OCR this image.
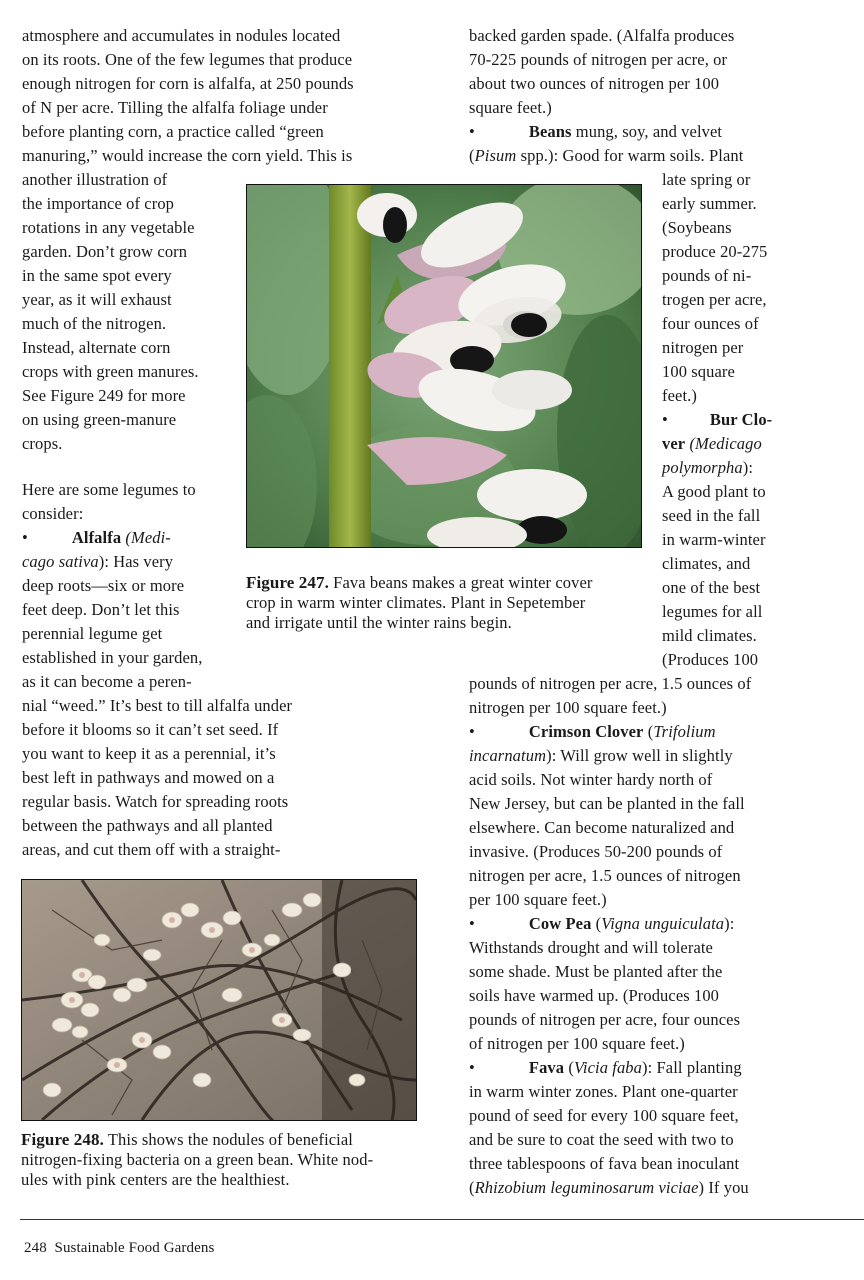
atmosphere and accumulates in nodules located
on its roots. One of the few legumes that produce
enough nitrogen for corn is alfalfa, at 250 pounds
of N per acre. Tilling the alfalfa foliage under
before planting corn, a practice called “green
manuring,” would increase the corn yield. This is
another illustration of
the importance of crop
rotations in any vegetable
garden. Don’t grow corn
in the same spot every
year, as it will exhaust
much of the nitrogen.
Instead, alternate corn
crops with green manures.
See Figure 249 for more
on using green-manure
crops.
Here are some legumes to
consider:
•	Alfalfa (Medi-
cago sativa): Has very
deep roots—six or more
feet deep. Don’t let this
perennial legume get
established in your garden,
as it can become a peren-
nial “weed.” It’s best to till alfalfa under
before it blooms so it can’t set seed. If
you want to keep it as a perennial, it’s
best left in pathways and mowed on a
regular basis. Watch for spreading roots
between the pathways and all planted
areas, and cut them off with a straight-
Figure 247. Fava beans makes a great winter cover
crop in warm winter climates. Plant in Sepetember
and irrigate until the winter rains begin.
backed garden spade. (Alfalfa produces
70-225 pounds of nitrogen per acre, or
about two ounces of nitrogen per 100
square feet.)
•	Beans mung, soy, and velvet
(Pisum spp.): Good for warm soils. Plant
late spring or
early summer.
(Soybeans
produce 20-275
pounds of ni-
trogen per acre,
four ounces of
nitrogen per
100 square
feet.)
•	Bur Clo-
ver (Medicago
polymorpha):
A good plant to
seed in the fall
in warm-winter
climates, and
one of the best
legumes for all
mild climates.
(Produces 100
pounds of nitrogen per acre, 1.5 ounces of
nitrogen per 100 square feet.)
•	Crimson Clover (Trifolium
incarnatum): Will grow well in slightly
acid soils. Not winter hardy north of
New Jersey, but can be planted in the fall
elsewhere. Can become naturalized and
invasive. (Produces 50-200 pounds of
nitrogen per acre, 1.5 ounces of nitrogen
per 100 square feet.)
•	Cow Pea (Vigna unguiculata):
Withstands drought and will tolerate
some shade. Must be planted after the
soils have warmed up. (Produces 100
pounds of nitrogen per acre, four ounces
of nitrogen per 100 square feet.)
•	Fava (Vicia faba): Fall planting
in warm winter zones. Plant one-quarter
pound of seed for every 100 square feet,
and be sure to coat the seed with two to
three tablespoons of fava bean inoculant
(Rhizobium leguminosarum viciae) If you
Figure 248. This shows the nodules of beneficial
nitrogen-fixing bacteria on a green bean. White nod-
ules with pink centers are the healthiest.
248 Sustainable Food Gardens
